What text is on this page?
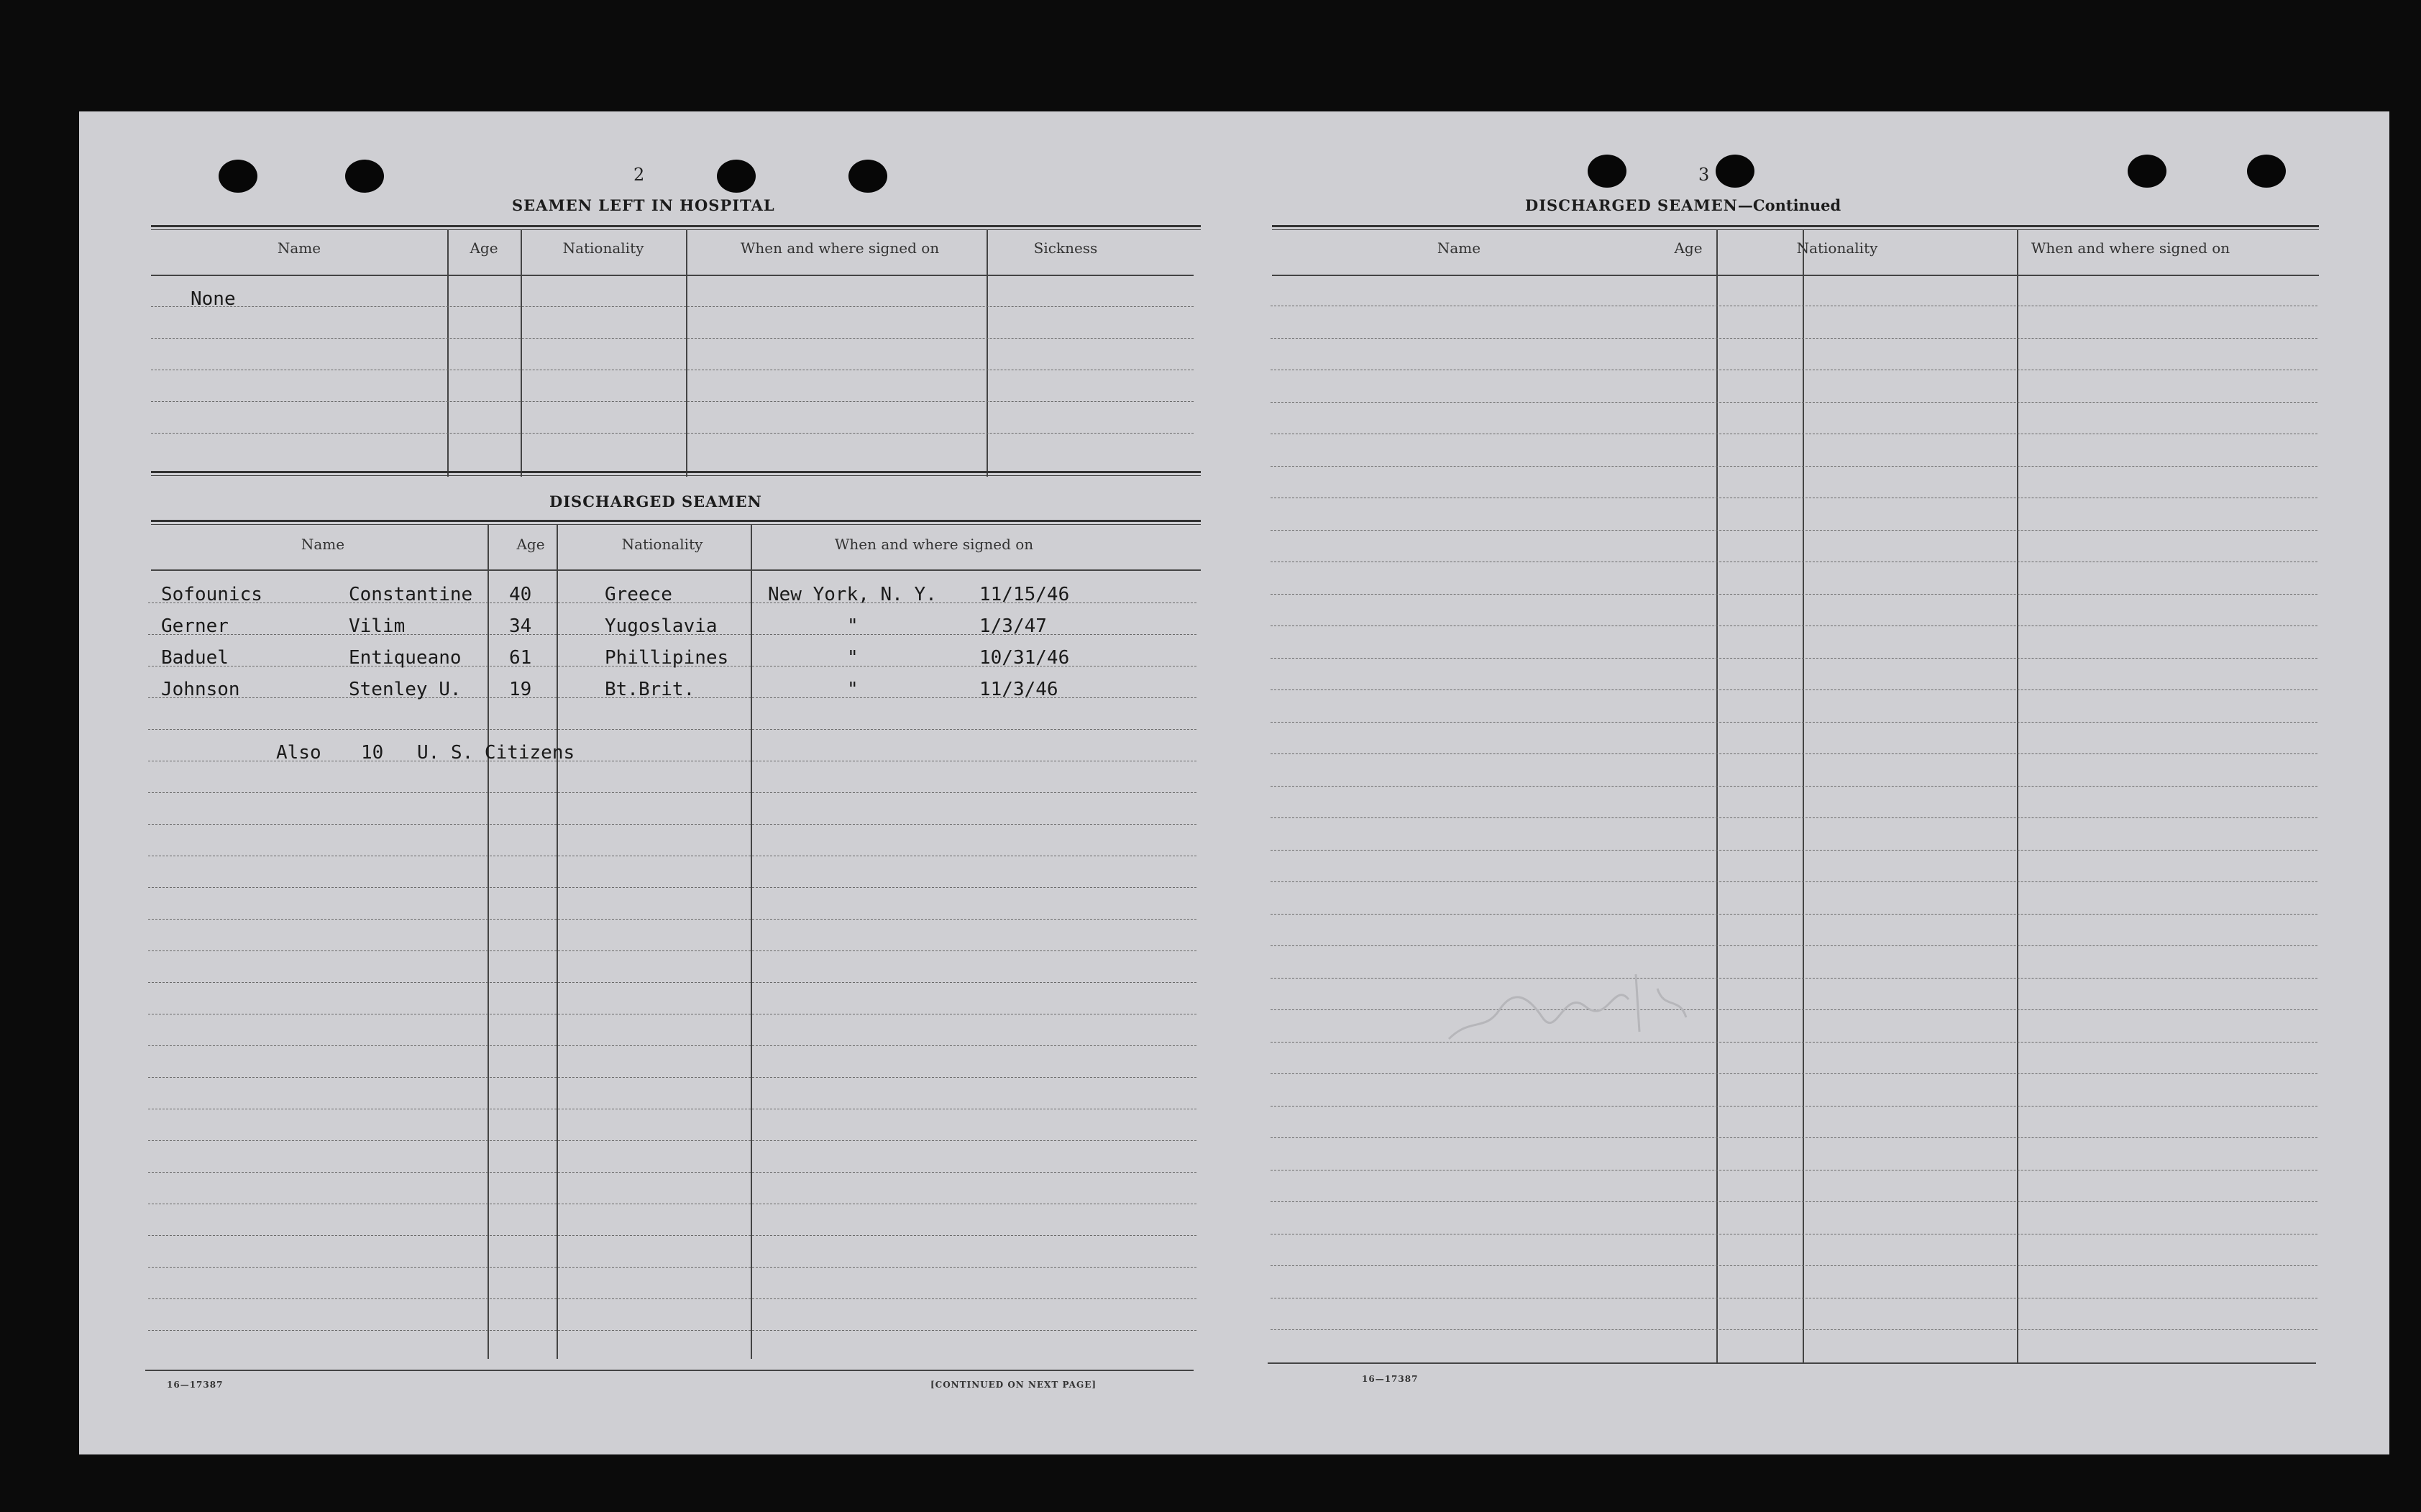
2
SEAMEN LEFT IN HOSPITAL
Name	Age	Nationality	When and where signed on	Sickness
None
DISCHARGED SEAMEN
Name	Age	Nationality	When and where signed on
16—17387	[CONTINUED ON NEXT PAGE]
Sofounics	Constantine 40	Greece	New York, N. Y. 11/15/46
Gerner	Vilim	34	Yugoslavia	"	1/3/47
Baduel	Entiqueano	61	Phillipines	"	10/31/46
Johnson	Stenley U.	19	Bt.Brit.	"	11/3/46
Also 10 U. S. Citizens
3
DISCHARGED SEAMEN—Continued
Name	Age	Nationality	When and where signed on
16—17387
